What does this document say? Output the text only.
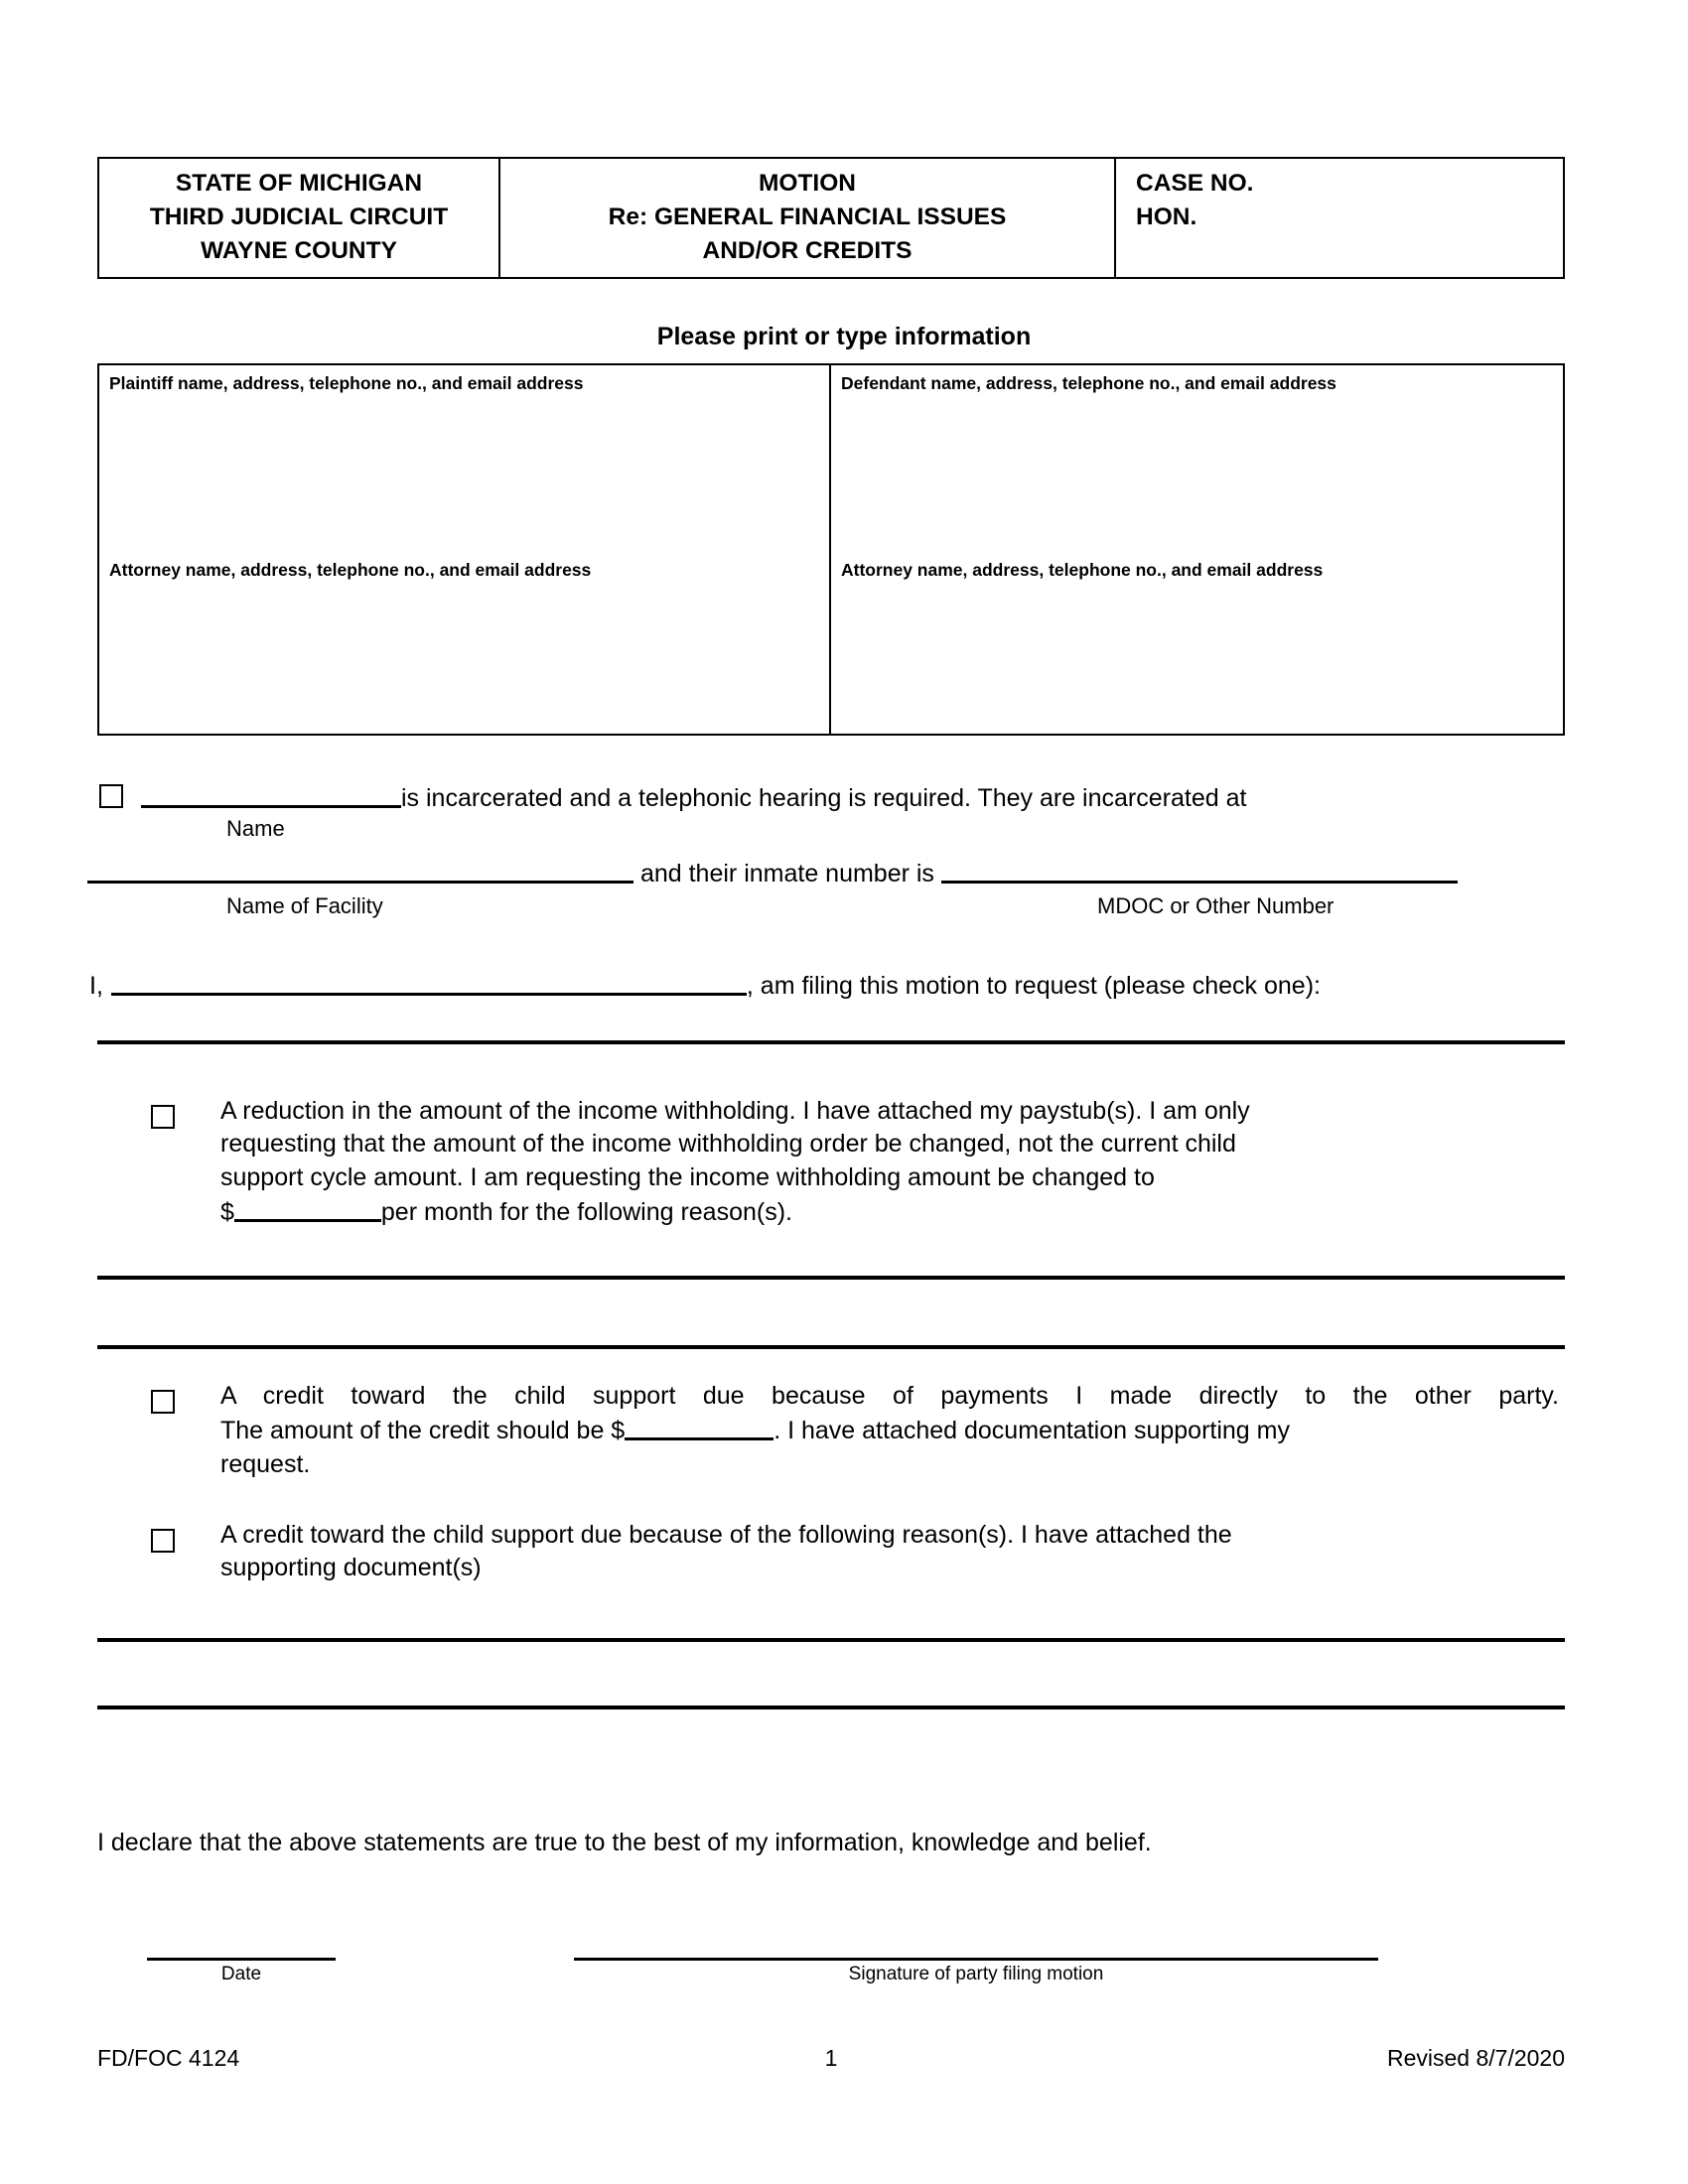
STATE OF MICHIGAN
THIRD JUDICIAL CIRCUIT
WAYNE COUNTY
MOTION
Re: GENERAL FINANCIAL ISSUES
AND/OR CREDITS
CASE NO.
HON.
Please print or type information
Plaintiff name, address, telephone no., and email address
Attorney name, address, telephone no., and email address
Defendant name, address, telephone no., and email address
Attorney name, address, telephone no., and email address
is incarcerated and a telephonic hearing is required. They are incarcerated at
Name
and their inmate number is
Name of Facility	MDOC or Other Number
I,	, am filing this motion to request (please check one):
A reduction in the amount of the income withholding. I have attached my paystub(s). I am only
requesting that the amount of the income withholding order be changed, not the current child
support cycle amount. I am requesting the income withholding amount be changed to
$	per month for the following reason(s).
A credit toward the child support due because of payments I made directly to the other party.
The amount of the credit should be $	. I have attached documentation supporting my
request.
A credit toward the child support due because of the following reason(s). I have attached the
supporting document(s)
I declare that the above statements are true to the best of my information, knowledge and belief.
Date	Signature of party filing motion
FD/FOC 4124	1	Revised 8/7/2020
